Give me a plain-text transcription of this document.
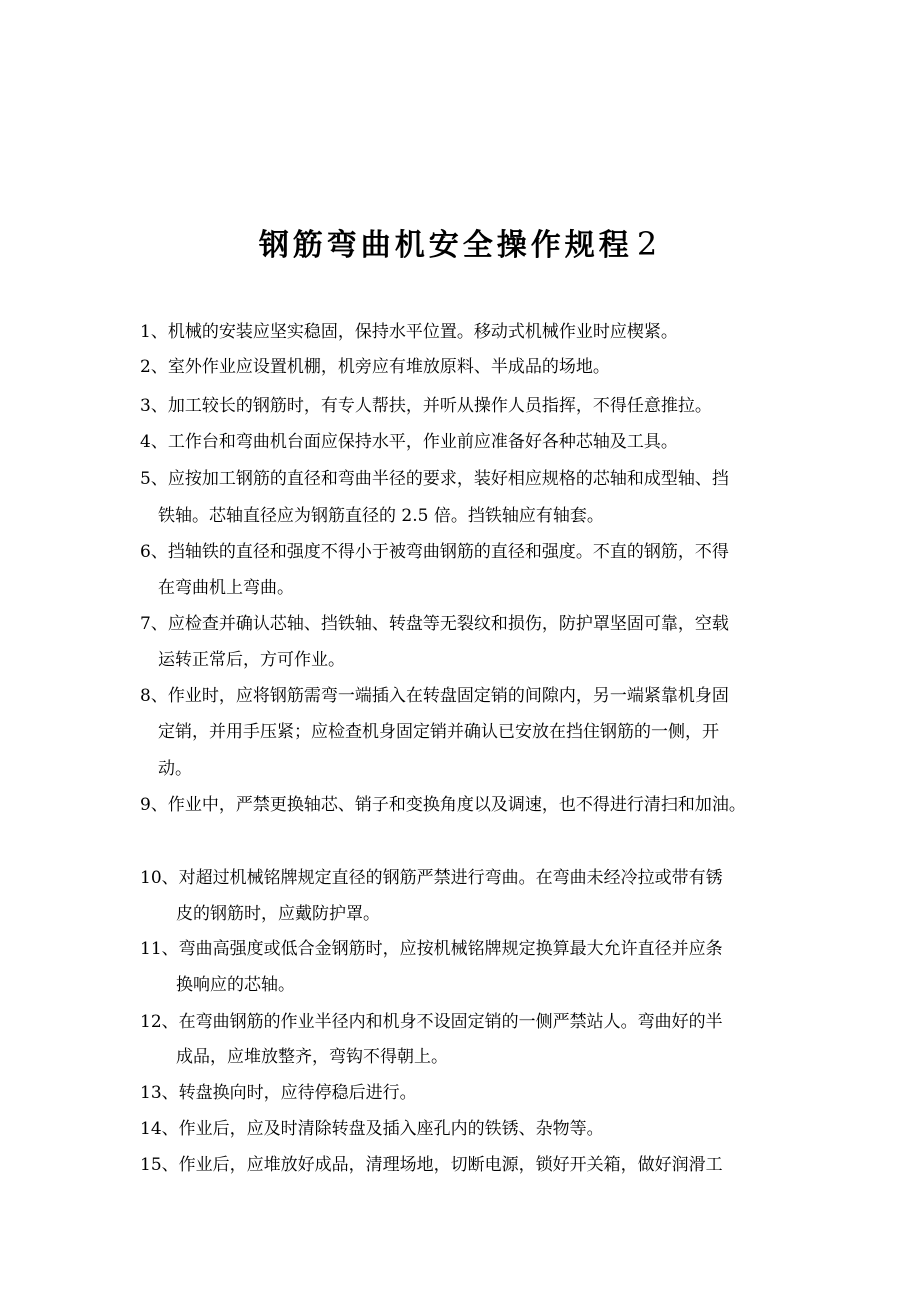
钢筋弯曲机安全操作规程 2
1、机械的安装应坚实稳固，保持水平位置。移动式机械作业时应楔紧。
2、室外作业应设置机棚，机旁应有堆放原料、半成品的场地。
3、加工较长的钢筋时，有专人帮扶，并听从操作人员指挥，不得任意推拉。
4、工作台和弯曲机台面应保持水平，作业前应准备好各种芯轴及工具。
5、应按加工钢筋的直径和弯曲半径的要求，装好相应规格的芯轴和成型轴、挡
铁轴。芯轴直径应为钢筋直径的 2.5 倍。挡铁轴应有轴套。
6、挡轴铁的直径和强度不得小于被弯曲钢筋的直径和强度。不直的钢筋，不得
在弯曲机上弯曲。
7、应检查并确认芯轴、挡铁轴、转盘等无裂纹和损伤，防护罩坚固可靠，空载
运转正常后，方可作业。
8、作业时，应将钢筋需弯一端插入在转盘固定销的间隙内，另一端紧靠机身固
定销，并用手压紧；应检查机身固定销并确认已安放在挡住钢筋的一侧，开
动。
9、作业中，严禁更换轴芯、销子和变换角度以及调速，也不得进行清扫和加油。
10、对超过机械铭牌规定直径的钢筋严禁进行弯曲。在弯曲未经冷拉或带有锈
皮的钢筋时，应戴防护罩。
11、弯曲高强度或低合金钢筋时，应按机械铭牌规定换算最大允许直径并应条
换响应的芯轴。
12、在弯曲钢筋的作业半径内和机身不设固定销的一侧严禁站人。弯曲好的半
成品，应堆放整齐，弯钩不得朝上。
13、转盘换向时，应待停稳后进行。
14、作业后，应及时清除转盘及插入座孔内的铁锈、杂物等。
15、作业后，应堆放好成品，清理场地，切断电源，锁好开关箱，做好润滑工
